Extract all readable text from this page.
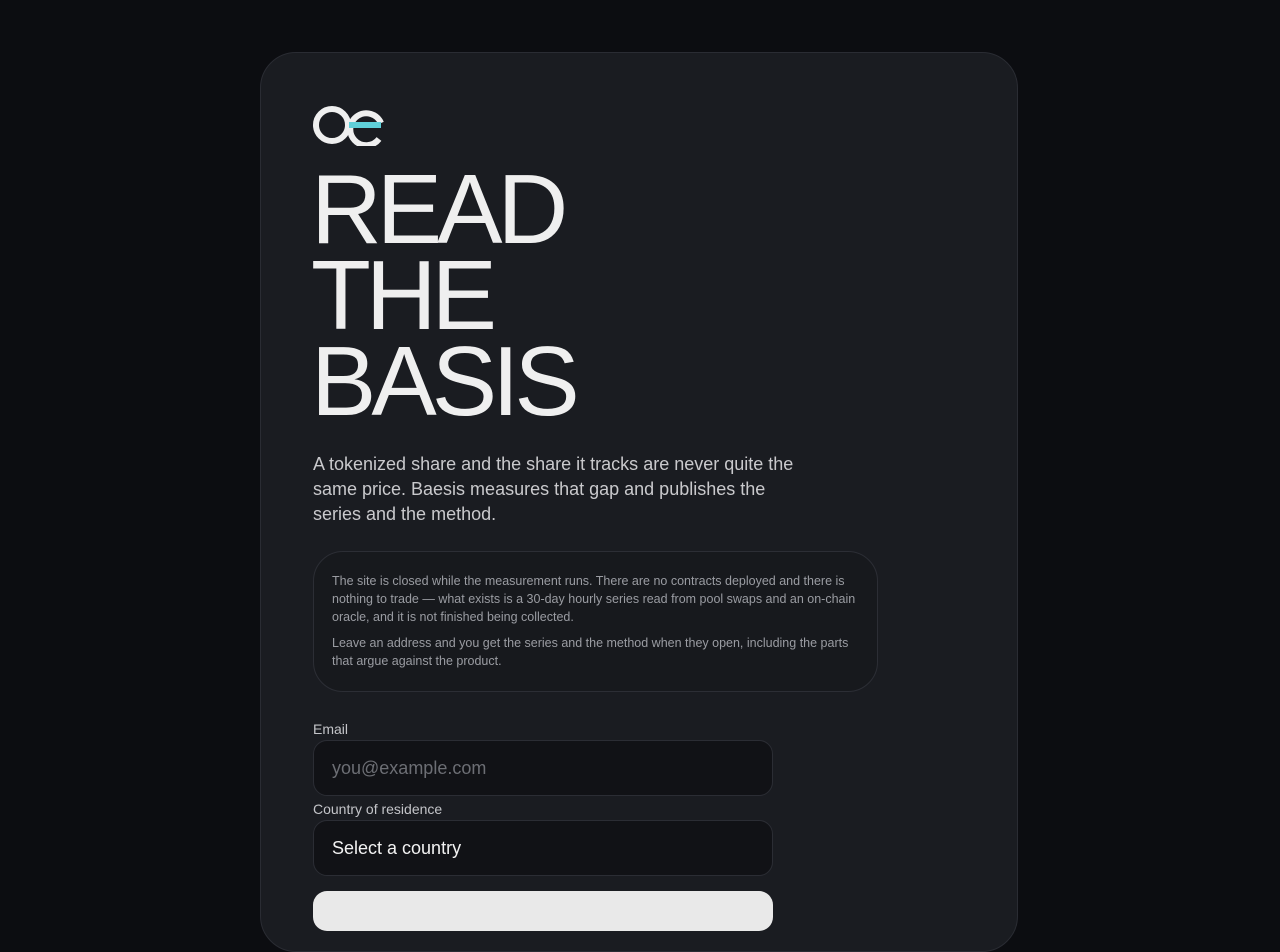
READ
THE
BASIS

A tokenized share and the share it tracks are never quite the same price. Baesis measures that gap and publishes the series and the method.

The site is closed while the measurement runs. There are no contracts deployed and there is nothing to trade — what exists is a 30-day hourly series read from pool swaps and an on-chain oracle, and it is not finished being collected.

Leave an address and you get the series and the method when they open, including the parts that argue against the product.

Email
you@example.com
Country of residence
Select a country
